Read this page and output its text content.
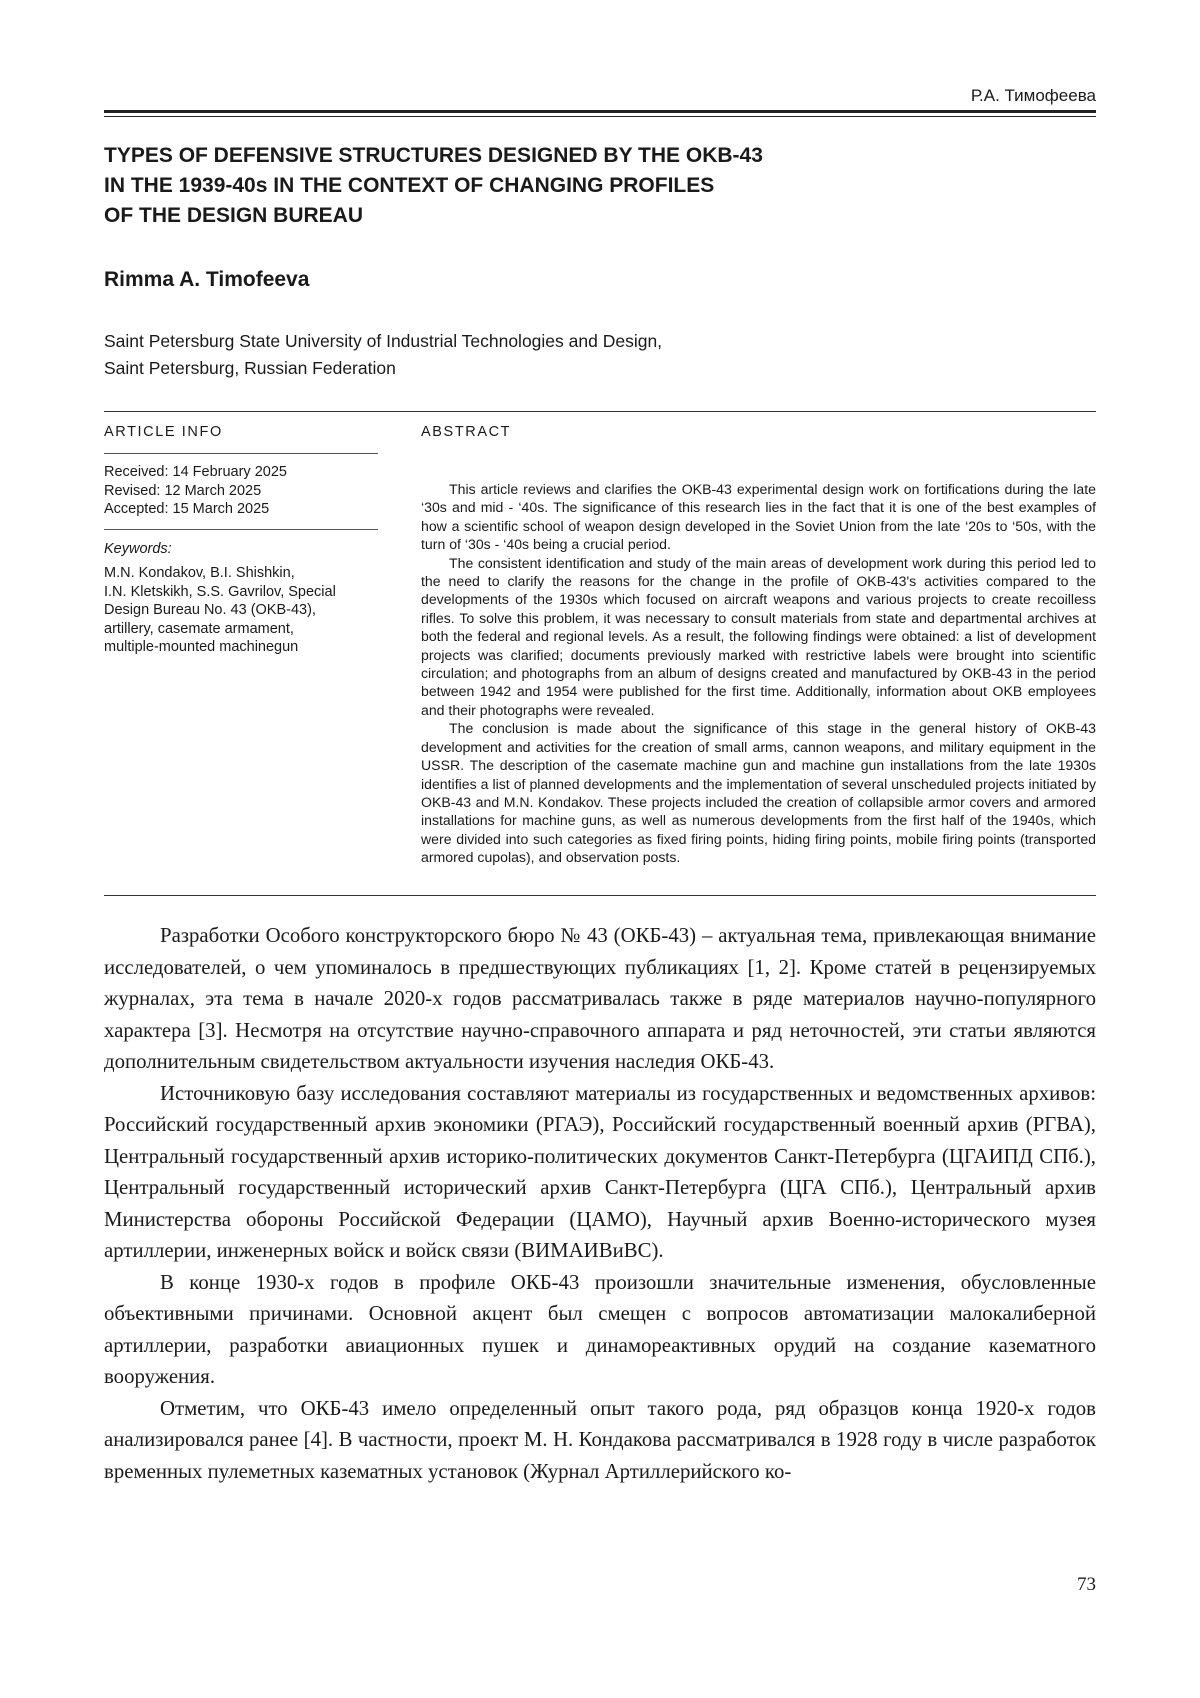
Р.А. Тимофеева
TYPES OF DEFENSIVE STRUCTURES DESIGNED BY THE OKB-43
IN THE 1939-40s IN THE CONTEXT OF CHANGING PROFILES
OF THE DESIGN BUREAU
Rimma A. Timofeeva
Saint Petersburg State University of Industrial Technologies and Design,
Saint Petersburg, Russian Federation
ARTICLE INFO
Received: 14 February 2025
Revised: 12 March 2025
Accepted: 15 March 2025
Keywords:
M.N. Kondakov, B.I. Shishkin,
I.N. Kletskikh, S.S. Gavrilov, Special
Design Bureau No. 43 (OKB-43),
artillery, casemate armament,
multiple-mounted machinegun
ABSTRACT

This article reviews and clarifies the OKB-43 experimental design work on fortifications during the late ‘30s and mid - ‘40s. The significance of this research lies in the fact that it is one of the best examples of how a scientific school of weapon design developed in the Soviet Union from the late ‘20s to ‘50s, with the turn of ‘30s - ‘40s being a crucial period.

The consistent identification and study of the main areas of development work during this period led to the need to clarify the reasons for the change in the profile of OKB-43's activities compared to the developments of the 1930s which focused on aircraft weapons and various projects to create recoilless rifles. To solve this problem, it was necessary to consult materials from state and departmental archives at both the federal and regional levels. As a result, the following findings were obtained: a list of development projects was clarified; documents previously marked with restrictive labels were brought into scientific circulation; and photographs from an album of designs created and manufactured by OKB-43 in the period between 1942 and 1954 were published for the first time. Additionally, information about OKB employees and their photographs were revealed.

The conclusion is made about the significance of this stage in the general history of OKB-43 development and activities for the creation of small arms, cannon weapons, and military equipment in the USSR. The description of the casemate machine gun and machine gun installations from the late 1930s identifies a list of planned developments and the implementation of several unscheduled projects initiated by OKB-43 and M.N. Kondakov. These projects included the creation of collapsible armor covers and armored installations for machine guns, as well as numerous developments from the first half of the 1940s, which were divided into such categories as fixed firing points, hiding firing points, mobile firing points (transported armored cupolas), and observation posts.

Разработки Особого конструкторского бюро № 43 (ОКБ-43) – актуальная тема, привлекающая внимание исследователей, о чем упоминалось в предшествующих публикациях [1, 2]. Кроме статей в рецензируемых журналах, эта тема в начале 2020-х годов рассматривалась также в ряде материалов научно-популярного характера [3]. Несмотря на отсутствие научно-справочного аппарата и ряд неточностей, эти статьи являются дополнительным свидетельством актуальности изучения наследия ОКБ-43.

Источниковую базу исследования составляют материалы из государственных и ведомственных архивов: Российский государственный архив экономики (РГАЭ), Российский государственный военный архив (РГВА), Центральный государственный архив историко-политических документов Санкт-Петербурга (ЦГАИПД СПб.), Центральный государственный исторический архив Санкт-Петербурга (ЦГА СПб.), Центральный архив Министерства обороны Российской Федерации (ЦАМО), Научный архив Военно-исторического музея артиллерии, инженерных войск и войск связи (ВИМАИВиВС).

В конце 1930-х годов в профиле ОКБ-43 произошли значительные изменения, обусловленные объективными причинами. Основной акцент был смещен с вопросов автоматизации малокалиберной артиллерии, разработки авиационных пушек и динамореактивных орудий на создание казематного вооружения.

Отметим, что ОКБ-43 имело определенный опыт такого рода, ряд образцов конца 1920-х годов анализировался ранее [4]. В частности, проект М. Н. Кондакова рассматривался в 1928 году в числе разработок временных пулеметных казематных установок (Журнал Артиллерийского ко-

73
